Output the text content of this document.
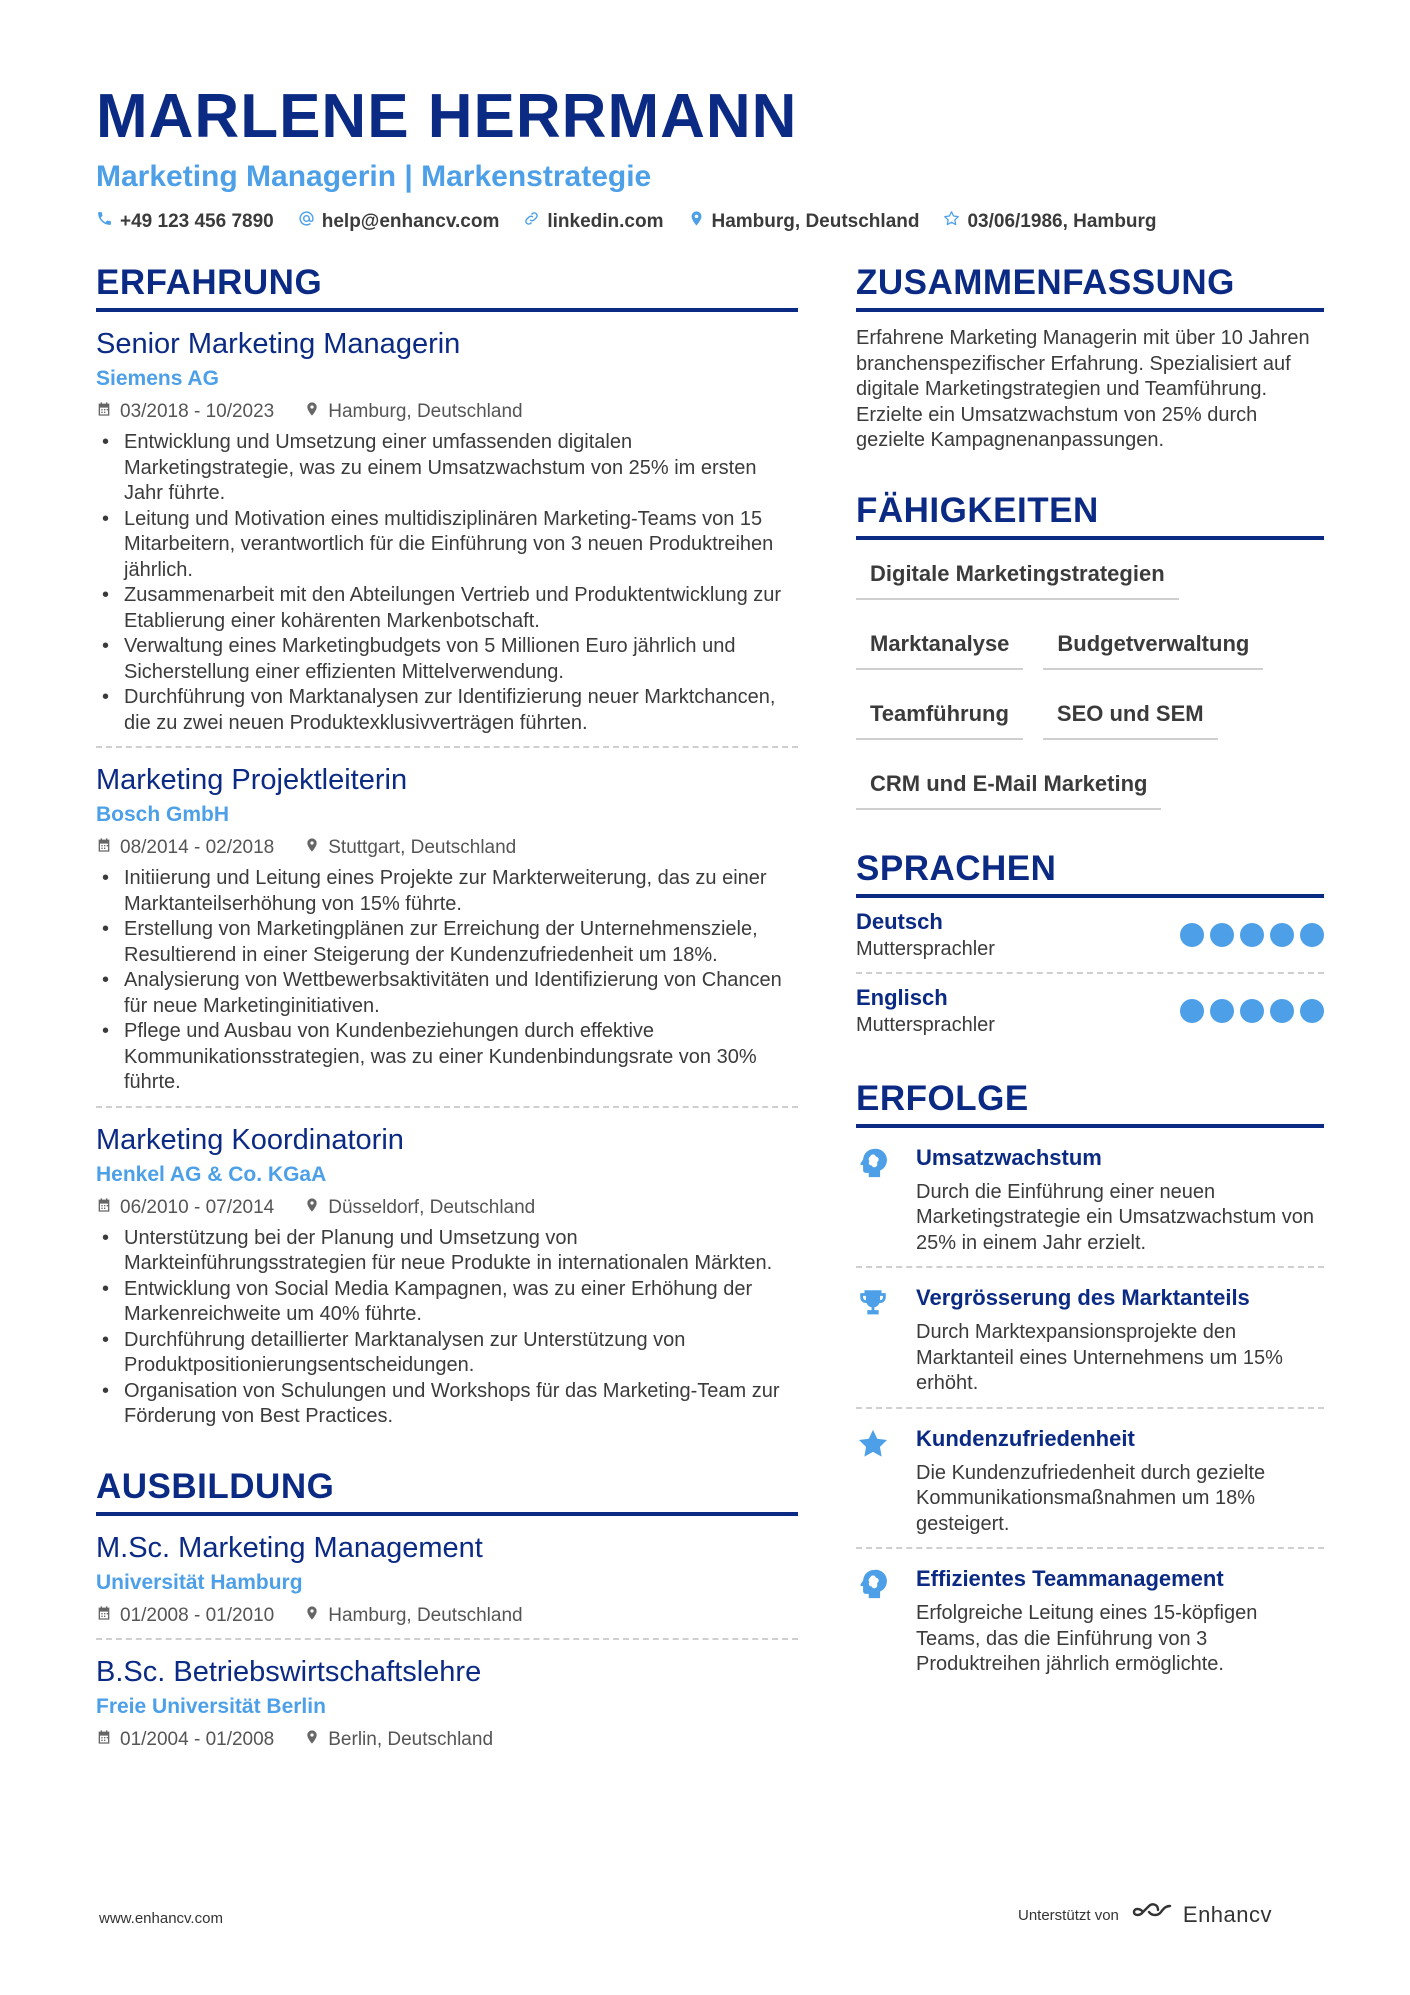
MARLENE HERRMANN
Marketing Managerin | Markenstrategie
+49 123 456 7890	help@enhancv.com	linkedin.com	Hamburg, Deutschland	03/06/1986, Hamburg
ERFAHRUNG
Senior Marketing Managerin
Siemens AG
03/2018 - 10/2023	Hamburg, Deutschland
• Entwicklung und Umsetzung einer umfassenden digitalen Marketingstrategie, was zu einem Umsatzwachstum von 25% im ersten Jahr führte.
• Leitung und Motivation eines multidisziplinären Marketing-Teams von 15 Mitarbeitern, verantwortlich für die Einführung von 3 neuen Produktreihen jährlich.
• Zusammenarbeit mit den Abteilungen Vertrieb und Produktentwicklung zur Etablierung einer kohärenten Markenbotschaft.
• Verwaltung eines Marketingbudgets von 5 Millionen Euro jährlich und Sicherstellung einer effizienten Mittelverwendung.
• Durchführung von Marktanalysen zur Identifizierung neuer Marktchancen, die zu zwei neuen Produktexklusivverträgen führten.
Marketing Projektleiterin
Bosch GmbH
08/2014 - 02/2018	Stuttgart, Deutschland
• Initiierung und Leitung eines Projekte zur Markterweiterung, das zu einer Marktanteilserhöhung von 15% führte.
• Erstellung von Marketingplänen zur Erreichung der Unternehmensziele, Resultierend in einer Steigerung der Kundenzufriedenheit um 18%.
• Analysierung von Wettbewerbsaktivitäten und Identifizierung von Chancen für neue Marketinginitiativen.
• Pflege und Ausbau von Kundenbeziehungen durch effektive Kommunikationsstrategien, was zu einer Kundenbindungsrate von 30% führte.
Marketing Koordinatorin
Henkel AG & Co. KGaA
06/2010 - 07/2014	Düsseldorf, Deutschland
• Unterstützung bei der Planung und Umsetzung von Markteinführungsstrategien für neue Produkte in internationalen Märkten.
• Entwicklung von Social Media Kampagnen, was zu einer Erhöhung der Markenreichweite um 40% führte.
• Durchführung detaillierter Marktanalysen zur Unterstützung von Produktpositionierungsentscheidungen.
• Organisation von Schulungen und Workshops für das Marketing-Team zur Förderung von Best Practices.
AUSBILDUNG
M.Sc. Marketing Management
Universität Hamburg
01/2008 - 01/2010	Hamburg, Deutschland
B.Sc. Betriebswirtschaftslehre
Freie Universität Berlin
01/2004 - 01/2008	Berlin, Deutschland
ZUSAMMENFASSUNG
Erfahrene Marketing Managerin mit über 10 Jahren branchenspezifischer Erfahrung. Spezialisiert auf digitale Marketingstrategien und Teamführung. Erzielte ein Umsatzwachstum von 25% durch gezielte Kampagnenanpassungen.
FÄHIGKEITEN
Digitale Marketingstrategien
Marktanalyse	Budgetverwaltung
Teamführung	SEO und SEM
CRM und E-Mail Marketing
SPRACHEN
Deutsch
Muttersprachler
Englisch
Muttersprachler
ERFOLGE
Umsatzwachstum
Durch die Einführung einer neuen Marketingstrategie ein Umsatzwachstum von 25% in einem Jahr erzielt.
Vergrösserung des Marktanteils
Durch Marktexpansionsprojekte den Marktanteil eines Unternehmens um 15% erhöht.
Kundenzufriedenheit
Die Kundenzufriedenheit durch gezielte Kommunikationsmaßnahmen um 18% gesteigert.
Effizientes Teammanagement
Erfolgreiche Leitung eines 15-köpfigen Teams, das die Einführung von 3 Produktreihen jährlich ermöglichte.
www.enhancv.com	Unterstützt von	Enhancv
